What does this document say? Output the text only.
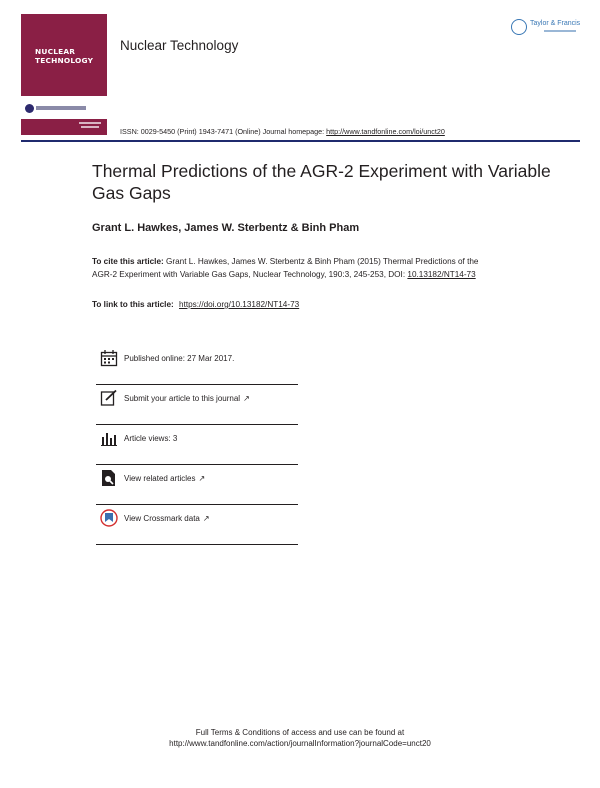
NUCLEAR
TECHNOLOGY
Nuclear Technology
Taylor & Francis
ISSN: 0029-5450 (Print) 1943-7471 (Online) Journal homepage: http://www.tandfonline.com/loi/unct20
Thermal Predictions of the AGR-2 Experiment with Variable Gas Gaps
Grant L. Hawkes, James W. Sterbentz & Binh Pham
To cite this article: Grant L. Hawkes, James W. Sterbentz & Binh Pham (2015) Thermal Predictions of the AGR-2 Experiment with Variable Gas Gaps, Nuclear Technology, 190:3, 245-253, DOI: 10.13182/NT14-73
To link to this article: https://doi.org/10.13182/NT14-73
Published online: 27 Mar 2017.
Submit your article to this journal ↗
Article views: 3
View related articles ↗
View Crossmark data ↗
Full Terms & Conditions of access and use can be found at
http://www.tandfonline.com/action/journalInformation?journalCode=unct20
